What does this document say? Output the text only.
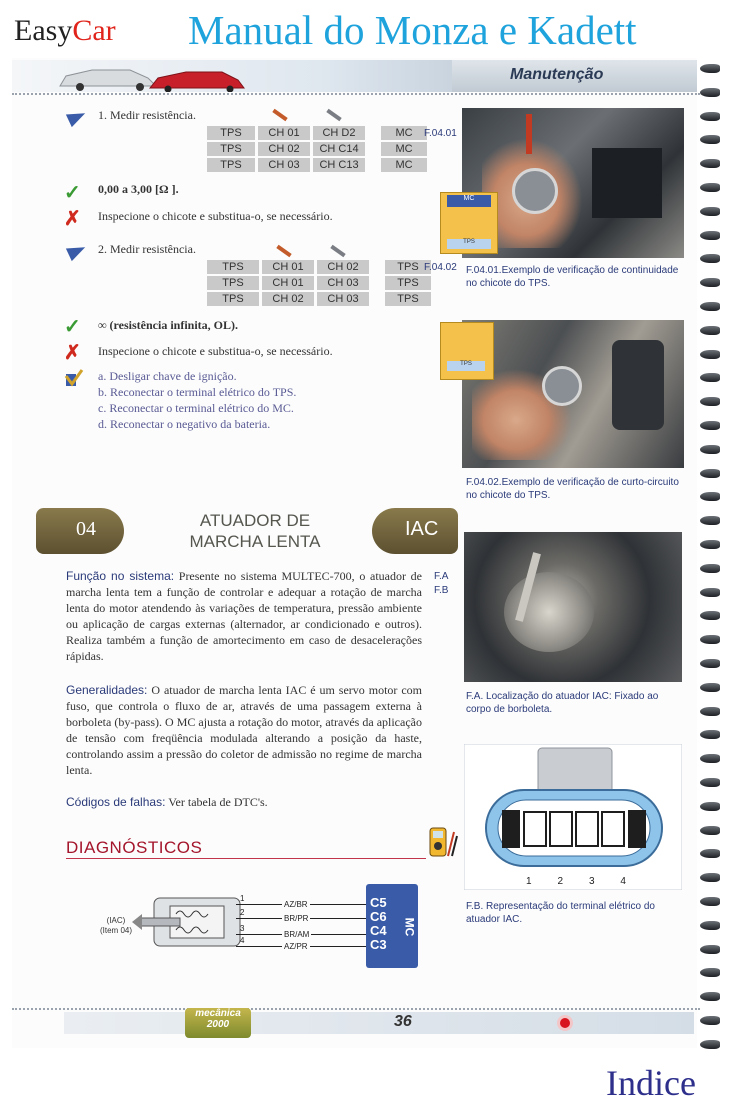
EasyCar Manual do Monza e Kadett
Manutenção
1. Medir resistência.
TPS	CH 01	CH D2		MC
TPS	CH 02	CH C14		MC
TPS	CH 03	CH C13		MC
F.04.01
✓ 0,00 a 3,00 [Ω ].
✗ Inspecione o chicote e substitua-o, se necessário.
2. Medir resistência.
TPS	CH 01	CH 02		TPS
TPS	CH 01	CH 03		TPS
TPS	CH 02	CH 03		TPS
F.04.02
✓ ∞ (resistência infinita, OL).
✗ Inspecione o chicote e substitua-o, se necessário.
a. Desligar chave de ignição.
b. Reconectar o terminal elétrico do TPS.
c. Reconectar o terminal elétrico do MC.
d. Reconectar o negativo da bateria.
MC
TPS
F.04.01.Exemplo de verificação de continuidade no chicote do TPS.
TPS
F.04.02.Exemplo de verificação de curto-circuito no chicote do TPS.
04	ATUADOR DE
MARCHA LENTA
IAC
Função no sistema: Presente no sistema MULTEC-700, o atuador de marcha lenta tem a função de controlar e adequar a rotação de marcha lenta do motor atendendo às variações de temperatura, pressão ambiente ou aplicação de cargas externas (alternador, ar condicionado e outros). Realiza também a função de amortecimento em caso de desacelerações rápidas.
F.A
F.B
Generalidades: O atuador de marcha lenta IAC é um servo motor com fuso, que controla o fluxo de ar, através de uma passagem externa à borboleta (by-pass). O MC ajusta a rotação do motor, através da aplicação de tensão com freqüência modulada alterando a posição da haste, controlando assim a pressão do coletor de admissão no regime de marcha lenta.
Códigos de falhas: Ver tabela de DTC's.
F.A. Localização do atuador IAC: Fixado ao corpo de borboleta.
1	2	3	4
F.B. Representação do terminal elétrico do atuador IAC.
DIAGNÓSTICOS
(IAC)
(Item 04)
1
2
3
4
AZ/BR
BR/PR
BR/AM
AZ/PR
C5
C6
C4
C3
MC
mecânica 2000	36
Indice
